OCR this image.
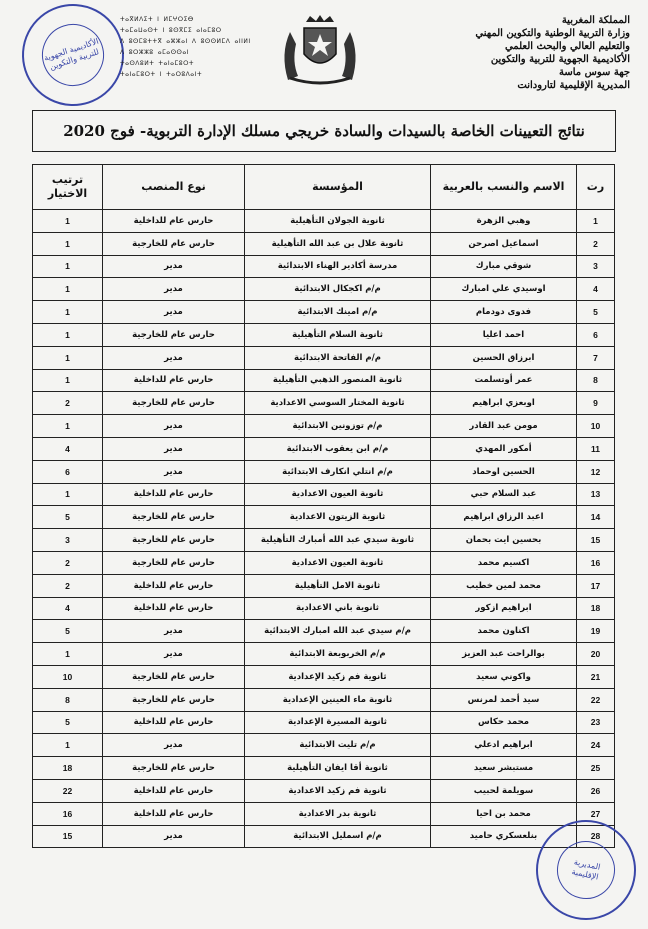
الأكاديمية الجهوية للتربية والتكوين
ⵜⴰⴳⵍⴷⵉⵜ ⵏ ⵍⵎⵖⵔⵉⴱ
ⵜⴰⵎⴰⵡⴰⵙⵜ ⵏ ⵓⵙⴳⵎⵉ ⴰⵏⴰⵎⵓⵔ
ⴷ ⵓⵙⵎⵓⵜⵜⴳ ⴰⵣⵣⴰⵏ ⴷ ⵓⵙⵙⵍⵎⴷ ⴰⵏⵏⵍⵏ
ⴷ ⵓⵔⵣⵣⵓ ⴰⵎⴰⵙⵙⴰⵏ
ⵜⴰⵙⴷⵓⵍⵜ ⵜⴰⵏⴰⵎⵓⵔⵜ
ⵜⴰⵏⴰⵎⵓⵔⵜ ⵏ ⵜⴰⵔⵓⴷⴰⵏⵜ
المملكة المغربية
وزارة التربية الوطنية والتكوين المهني
والتعليم العالي والبحث العلمي
الأكاديمية الجهوية للتربية والتكوين
جهة سوس ماسة
المديرية الإقليمية لتارودانت
نتائج التعيينات الخاصة بالسيدات والسادة خريجي مسلك الإدارة التربوية- فوج 2020
رت	الاسم والنسب بالعربية	المؤسسة	نوع المنصب	ترتيب الاختيار
1	وهبي الزهرة	ثانوية الجولان التأهيلية	حارس عام للداخلية	1
2	اسماعيل اصرحن	ثانوية علال بن عبد الله التأهيلية	حارس عام للخارجية	1
3	شوقي مبارك	مدرسة أكادير الهناء الابتدائية	مدير	1
4	اوسيدي علي امبارك	م/م اكجكال الابتدائية	مدير	1
5	فدوى دودمام	م/م امينك الابتدائية	مدير	1
6	احمد اعليا	ثانوية السلام التأهيلية	حارس عام للخارجية	1
7	ابرزاق الحسين	م/م الفاتحة الابتدائية	مدير	1
8	عمر أوتسلمت	ثانوية المنصور الذهبي التأهيلية	حارس عام للداخلية	1
9	اوبعزي ابراهيم	ثانوية المختار السوسي الاعدادية	حارس عام للخارجية	2
10	مومن عبد القادر	م/م توزونين الابتدائية	مدير	1
11	أمكور المهدي	م/م ابن يعقوب الابتدائية	مدير	4
12	الحسين اوحماد	م/م انتلي انكارف الابتدائية	مدير	6
13	عبد السلام حبي	ثانوية العيون الاعدادية	حارس عام للداخلية	1
14	اعبد الرزاق ابراهيم	ثانوية الزيتون الاعدادية	حارس عام للخارجية	5
15	بحسين ايت بحمان	ثانوية سيدي عبد الله أمبارك التأهيلية	حارس عام للخارجية	3
16	اكسيم محمد	ثانوية العيون الاعدادية	حارس عام للخارجية	2
17	محمد لمين خطيب	ثانوية الامل التأهيلية	حارس عام للداخلية	2
18	ابراهيم ازكور	ثانوية باني الاعدادية	حارس عام للداخلية	4
19	اكناون محمد	م/م سيدي عبد الله امبارك الابتدائية	مدير	5
20	بوالراحت عبد العزيز	م/م الخربوبعة الابتدائية	مدير	1
21	واكوني سعيد	ثانوية فم زكيد الإعدادية	حارس عام للخارجية	10
22	سيد أحمد لمرنس	ثانوية ماء العينين الإعدادية	حارس عام للخارجية	8
23	محمد حكاس	ثانوية المسيرة الإعدادية	حارس عام للداخلية	5
24	ابراهيم ادعلي	م/م تليت الابتدائية	مدير	1
25	مستبشر سعيد	ثانوية أقا ايفان التأهيلية	حارس عام للخارجية	18
26	سويلمة لحبيب	ثانوية فم زكيد الاعدادية	حارس عام للداخلية	22
27	محمد بن احيا	ثانوية بدر الاعدادية	حارس عام للداخلية	16
28	بنلعسكري حاميد	م/م اسمليل الابتدائية	مدير	15
المديرية الإقليمية
